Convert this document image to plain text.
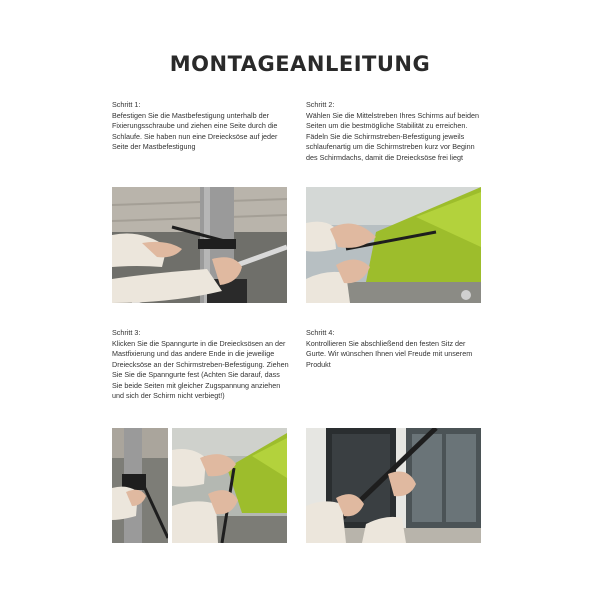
MONTAGEANLEITUNG
Schritt 1:
Befestigen Sie die Mastbefestigung unterhalb der Fixierungsschraube und ziehen eine Seite durch die Schlaufe. Sie haben nun eine Dreiecksöse auf jeder Seite der Mastbefestigung
Schritt 2:
Wählen Sie die Mittelstreben Ihres Schirms auf beiden Seiten um die bestmögliche Stabilität zu erreichen. Fädeln Sie die Schirmstreben-Befestigung jeweils schlaufenartig um die Schirmstreben kurz vor Beginn des Schirmdachs, damit die Dreiecksöse frei liegt
Schritt 3:
Klicken Sie die Spanngurte in die Dreiecksösen an der Mastfixierung und das andere Ende in die jeweilige Dreiecksöse an der Schirmstreben-Befestigung. Ziehen Sie Sie die Spanngurte fest (Achten Sie darauf, dass Sie beide Seiten mit gleicher Zugspannung anziehen und sich der Schirm nicht verbiegt!)
Schritt 4:
Kontrollieren Sie abschließend den festen Sitz der Gurte. Wir wünschen Ihnen viel Freude mit unserem Produkt
